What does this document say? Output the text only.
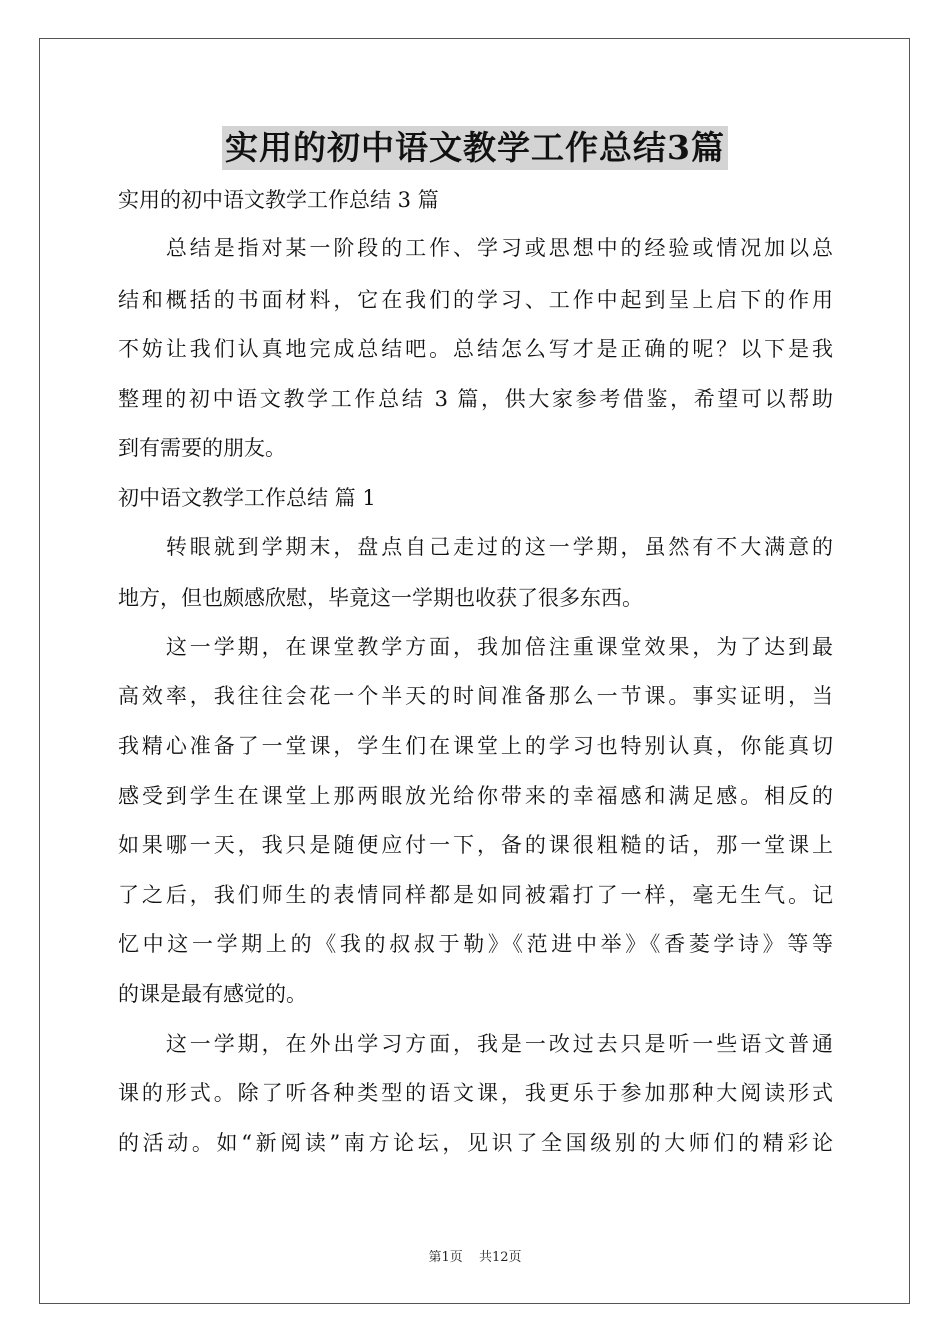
实用的初中语文教学工作总结3篇
实用的初中语文教学工作总结 3 篇
　　总结是指对某一阶段的工作、学习或思想中的经验或情况加以总
结和概括的书面材料，它在我们的学习、工作中起到呈上启下的作用
不妨让我们认真地完成总结吧。总结怎么写才是正确的呢？以下是我
整理的初中语文教学工作总结 3 篇，供大家参考借鉴，希望可以帮助
到有需要的朋友。
初中语文教学工作总结 篇 1
　　转眼就到学期末，盘点自己走过的这一学期，虽然有不大满意的
地方，但也颇感欣慰，毕竟这一学期也收获了很多东西。
　　这一学期，在课堂教学方面，我加倍注重课堂效果，为了达到最
高效率，我往往会花一个半天的时间准备那么一节课。事实证明，当
我精心准备了一堂课，学生们在课堂上的学习也特别认真，你能真切
感受到学生在课堂上那两眼放光给你带来的幸福感和满足感。相反的
如果哪一天，我只是随便应付一下，备的课很粗糙的话，那一堂课上
了之后，我们师生的表情同样都是如同被霜打了一样，毫无生气。记
忆中这一学期上的《我的叔叔于勒》《范进中举》《香菱学诗》等等
的课是最有感觉的。
　　这一学期，在外出学习方面，我是一改过去只是听一些语文普通
课的形式。除了听各种类型的语文课，我更乐于参加那种大阅读形式
的活动。如“新阅读”南方论坛，见识了全国级别的大师们的精彩论
第1页 共12页
